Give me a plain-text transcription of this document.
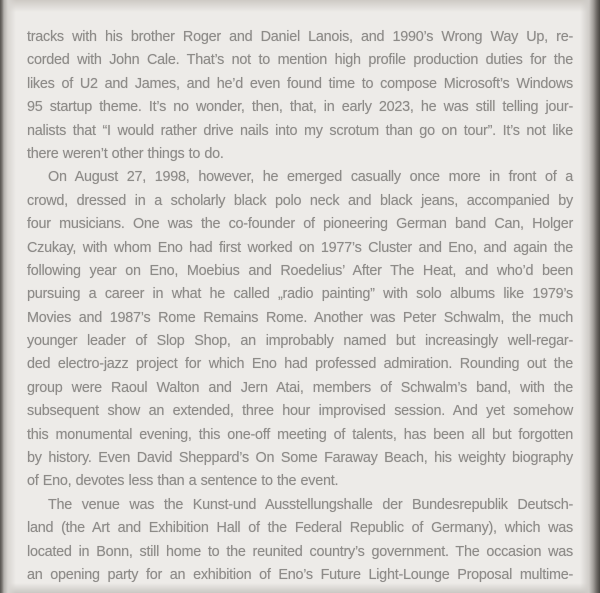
tracks with his brother Roger and Daniel Lanois, and 1990’s Wrong Way Up, re-
corded with John Cale. That’s not to mention high profile production duties for the
likes of U2 and James, and he’d even found time to compose Microsoft’s Windows
95 startup theme. It’s no wonder, then, that, in early 2023, he was still telling jour-
nalists that “I would rather drive nails into my scrotum than go on tour”. It’s not like
there weren’t other things to do.
On August 27, 1998, however, he emerged casually once more in front of a
crowd, dressed in a scholarly black polo neck and black jeans, accompanied by
four musicians. One was the co-founder of pioneering German band Can, Holger
Czukay, with whom Eno had first worked on 1977’s Cluster and Eno, and again the
following year on Eno, Moebius and Roedelius’ After The Heat, and who’d been
pursuing a career in what he called „radio painting” with solo albums like 1979’s
Movies and 1987’s Rome Remains Rome. Another was Peter Schwalm, the much
younger leader of Slop Shop, an improbably named but increasingly well-regar-
ded electro-jazz project for which Eno had professed admiration. Rounding out the
group were Raoul Walton and Jern Atai, members of Schwalm’s band, with the
subsequent show an extended, three hour improvised session. And yet somehow
this monumental evening, this one-off meeting of talents, has been all but forgotten
by history. Even David Sheppard’s On Some Faraway Beach, his weighty biography
of Eno, devotes less than a sentence to the event.
The venue was the Kunst-und Ausstellungshalle der Bundesrepublik Deutsch-
land (the Art and Exhibition Hall of the Federal Republic of Germany), which was
located in Bonn, still home to the reunited country’s government. The occasion was
an opening party for an exhibition of Eno’s Future Light-Lounge Proposal multime-
